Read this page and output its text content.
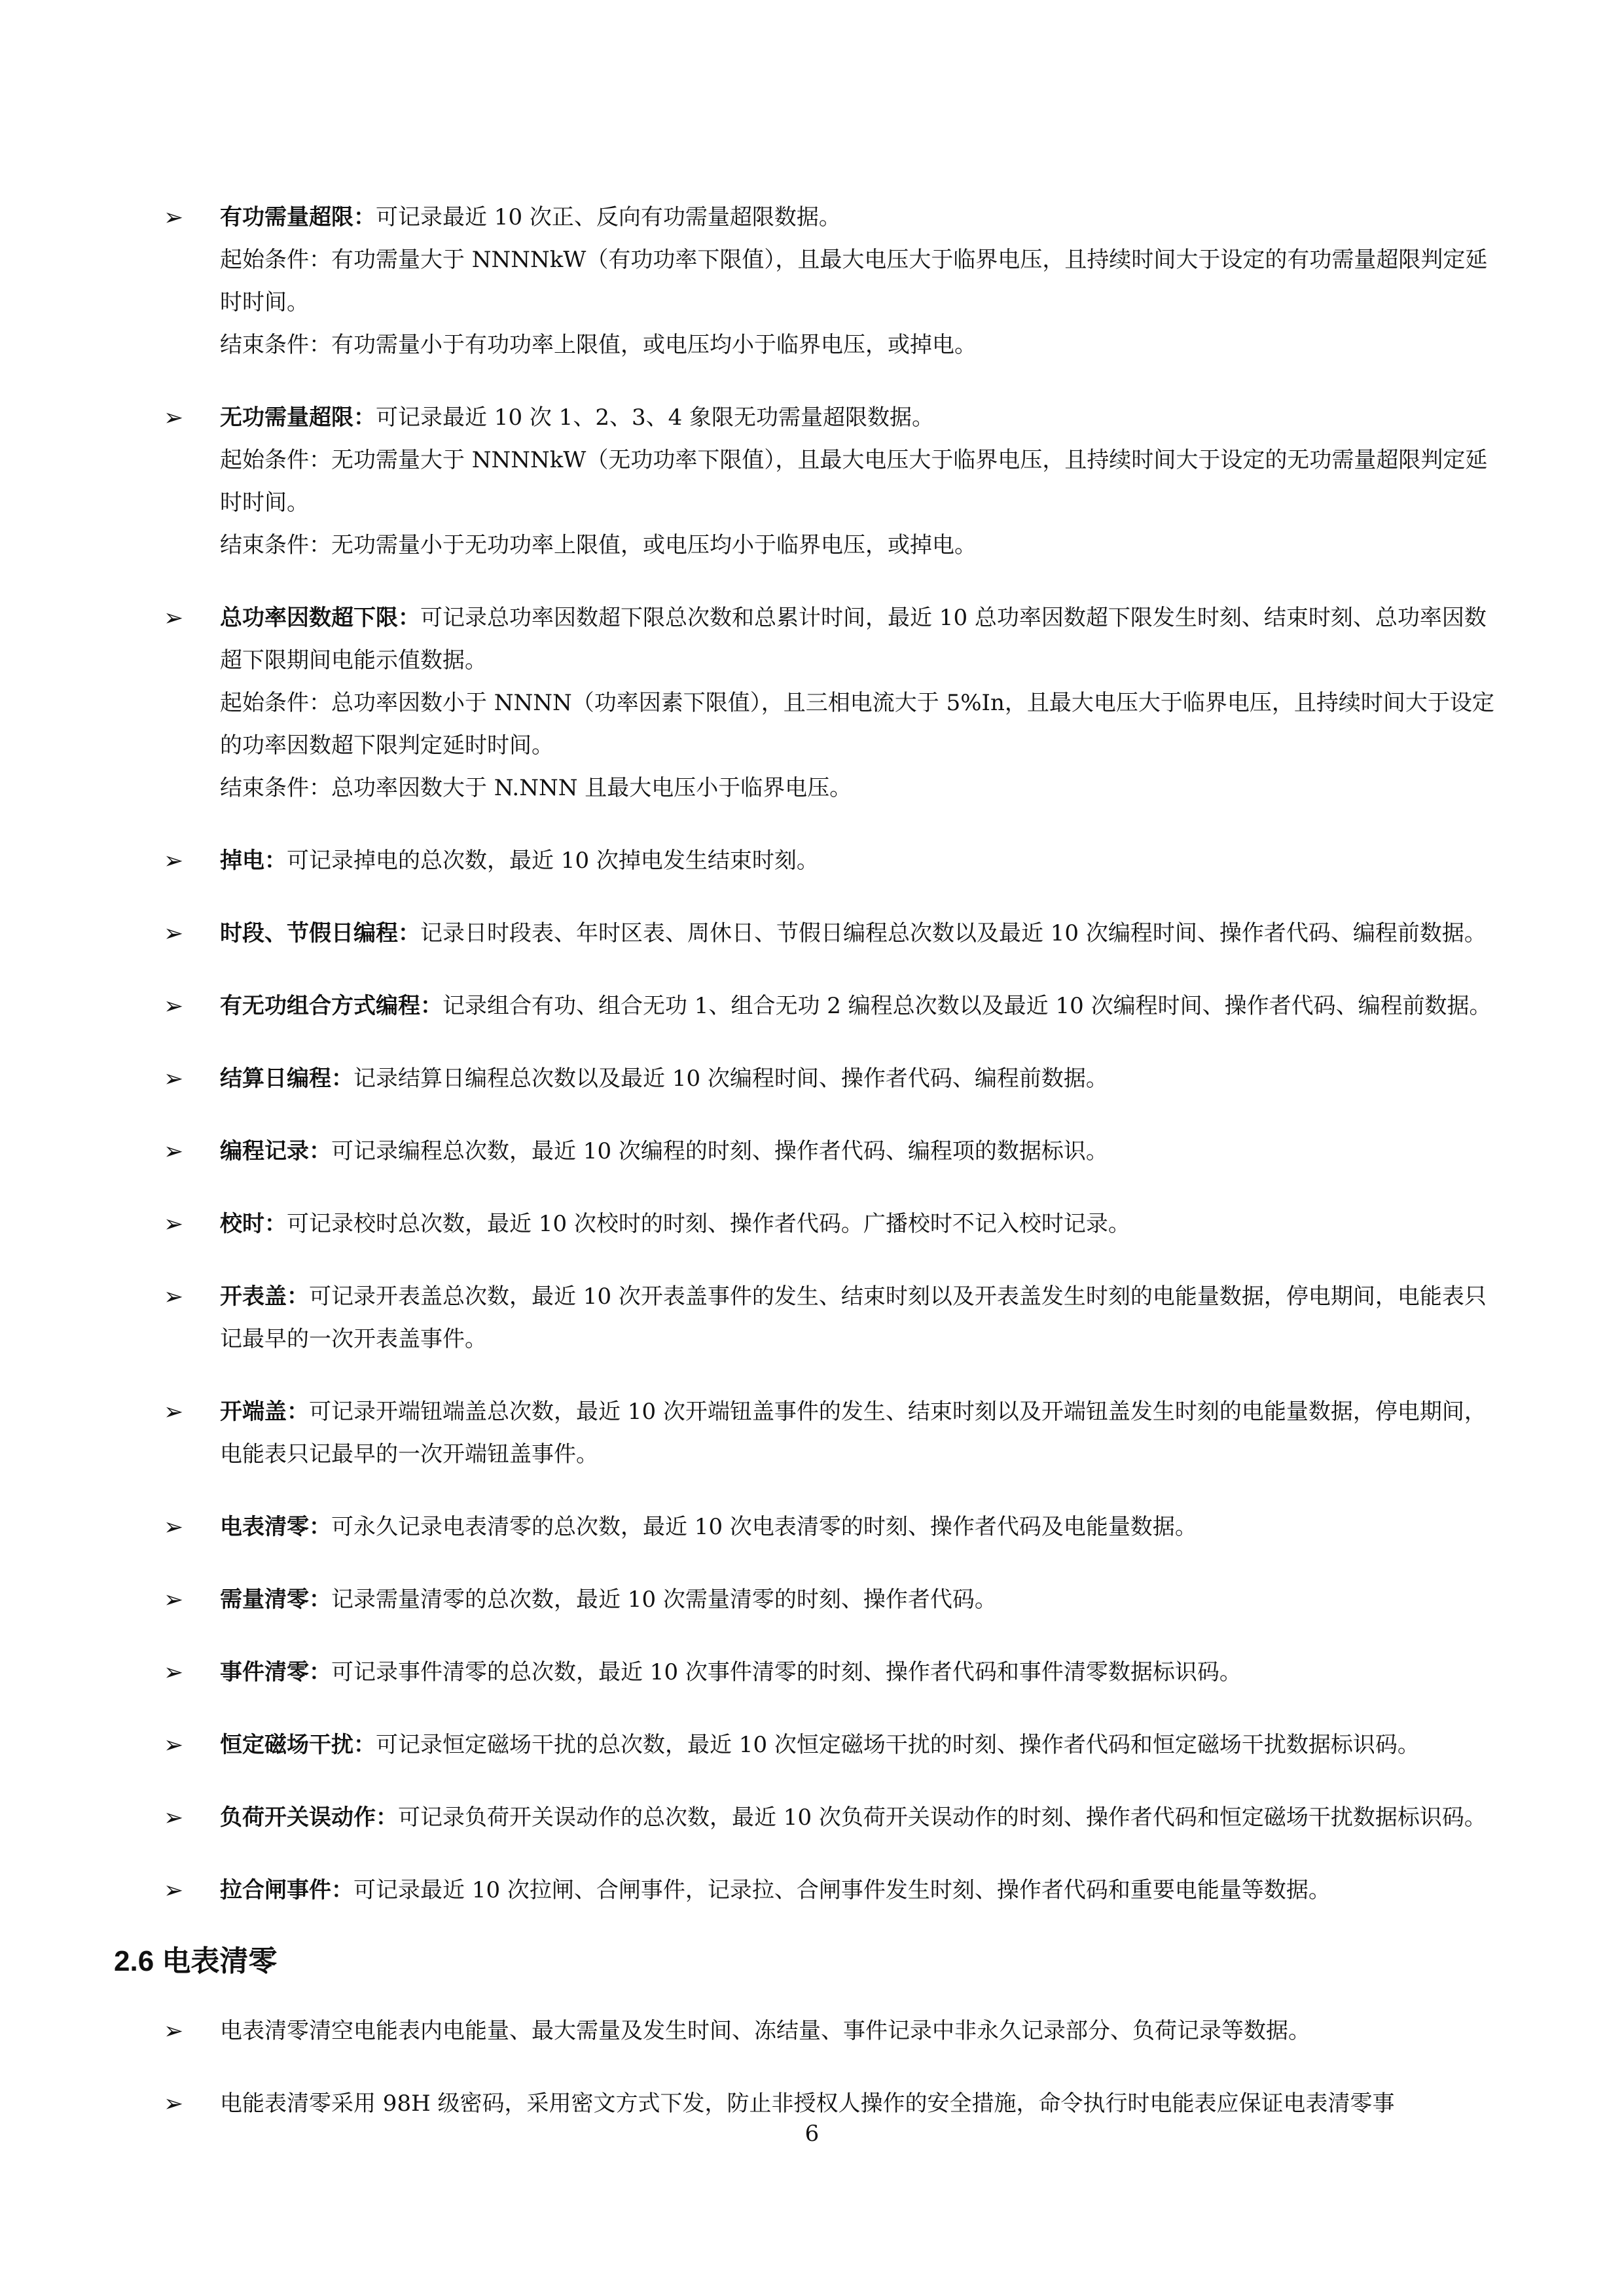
➢	有功需量超限：可记录最近 10 次正、反向有功需量超限数据。
起始条件：有功需量大于 NNNNkW（有功功率下限值），且最大电压大于临界电压，且持续时间大于设定的有功需量超限判定延时时间。
结束条件：有功需量小于有功功率上限值，或电压均小于临界电压，或掉电。
➢	无功需量超限：可记录最近 10 次 1、2、3、4 象限无功需量超限数据。
起始条件：无功需量大于 NNNNkW（无功功率下限值），且最大电压大于临界电压，且持续时间大于设定的无功需量超限判定延时时间。
结束条件：无功需量小于无功功率上限值，或电压均小于临界电压，或掉电。
➢	总功率因数超下限：可记录总功率因数超下限总次数和总累计时间，最近 10 总功率因数超下限发生时刻、结束时刻、总功率因数超下限期间电能示值数据。
起始条件：总功率因数小于 NNNN（功率因素下限值），且三相电流大于 5%In，且最大电压大于临界电压，且持续时间大于设定的功率因数超下限判定延时时间。
结束条件：总功率因数大于 N.NNN 且最大电压小于临界电压。
➢	掉电：可记录掉电的总次数，最近 10 次掉电发生结束时刻。
➢	时段、节假日编程：记录日时段表、年时区表、周休日、节假日编程总次数以及最近 10 次编程时间、操作者代码、编程前数据。
➢	有无功组合方式编程：记录组合有功、组合无功 1、组合无功 2 编程总次数以及最近 10 次编程时间、操作者代码、编程前数据。
➢	结算日编程：记录结算日编程总次数以及最近 10 次编程时间、操作者代码、编程前数据。
➢	编程记录：可记录编程总次数，最近 10 次编程的时刻、操作者代码、编程项的数据标识。
➢	校时：可记录校时总次数，最近 10 次校时的时刻、操作者代码。广播校时不记入校时记录。
➢	开表盖：可记录开表盖总次数，最近 10 次开表盖事件的发生、结束时刻以及开表盖发生时刻的电能量数据，停电期间，电能表只记最早的一次开表盖事件。
➢	开端盖：可记录开端钮端盖总次数，最近 10 次开端钮盖事件的发生、结束时刻以及开端钮盖发生时刻的电能量数据，停电期间，电能表只记最早的一次开端钮盖事件。
➢	电表清零：可永久记录电表清零的总次数，最近 10 次电表清零的时刻、操作者代码及电能量数据。
➢	需量清零：记录需量清零的总次数，最近 10 次需量清零的时刻、操作者代码。
➢	事件清零：可记录事件清零的总次数，最近 10 次事件清零的时刻、操作者代码和事件清零数据标识码。
➢	恒定磁场干扰：可记录恒定磁场干扰的总次数，最近 10 次恒定磁场干扰的时刻、操作者代码和恒定磁场干扰数据标识码。
➢	负荷开关误动作：可记录负荷开关误动作的总次数，最近 10 次负荷开关误动作的时刻、操作者代码和恒定磁场干扰数据标识码。
➢	拉合闸事件：可记录最近 10 次拉闸、合闸事件，记录拉、合闸事件发生时刻、操作者代码和重要电能量等数据。
2.6 电表清零
➢	电表清零清空电能表内电能量、最大需量及发生时间、冻结量、事件记录中非永久记录部分、负荷记录等数据。
➢	电能表清零采用 98H 级密码，采用密文方式下发，防止非授权人操作的安全措施，命令执行时电能表应保证电表清零事
6
